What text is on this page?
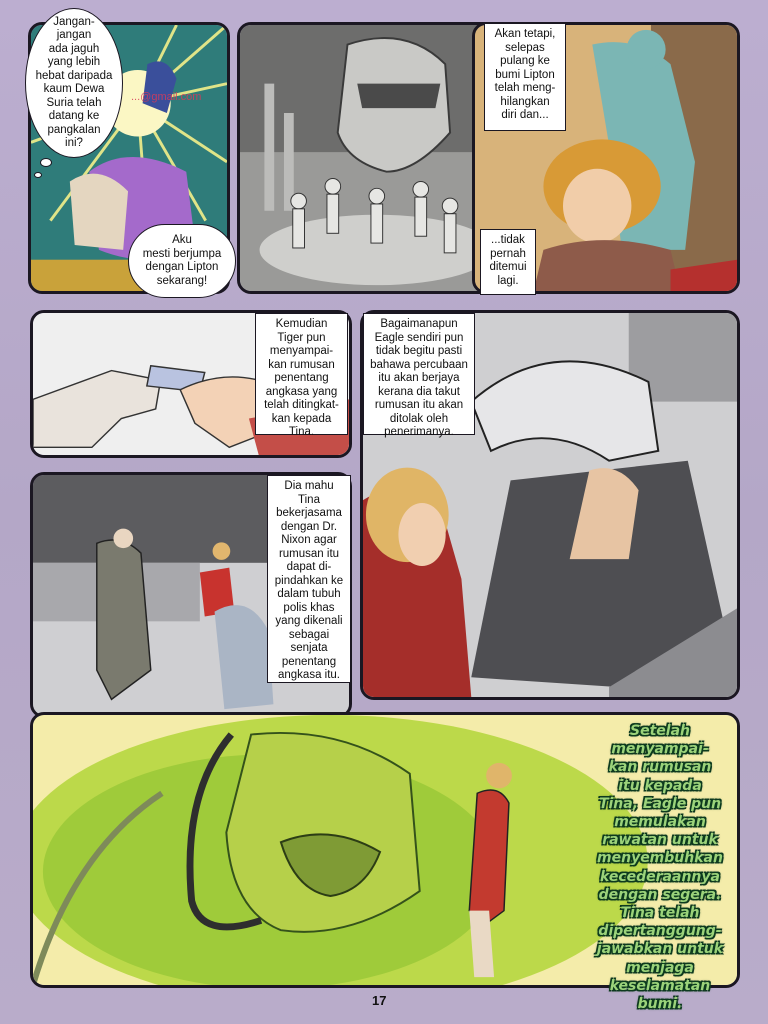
...@gmail.com
Jangan-
jangan
ada jaguh
yang lebih
hebat daripada
kaum Dewa
Suria telah
datang ke
pangkalan
ini?
Aku
mesti berjumpa
dengan Lipton
sekarang!
Akan tetapi,
selepas
pulang ke
bumi Lipton
telah meng-
hilangkan
diri dan...
...tidak
pernah
ditemui
lagi.
Kemudian
Tiger pun
menyampai-
kan rumusan
penentang
angkasa yang
telah ditingkat-
kan kepada
Tina.
Bagaimanapun
Eagle sendiri pun
tidak begitu pasti
bahawa percubaan
itu akan berjaya
kerana dia takut
rumusan itu akan
ditolak oleh
penerimanya.
Dia mahu
Tina
bekerjasama
dengan Dr.
Nixon agar
rumusan itu
dapat di-
pindahkan ke
dalam tubuh
polis khas
yang dikenali
sebagai
senjata
penentang
angkasa itu.
Setelah
menyampai-
kan rumusan
itu kepada
Tina, Eagle pun
memulakan
rawatan untuk
menyembuhkan
kecederaannya
dengan segera.
Tina telah
dipertanggung-
jawabkan untuk
menjaga
keselamatan
bumi.
17
